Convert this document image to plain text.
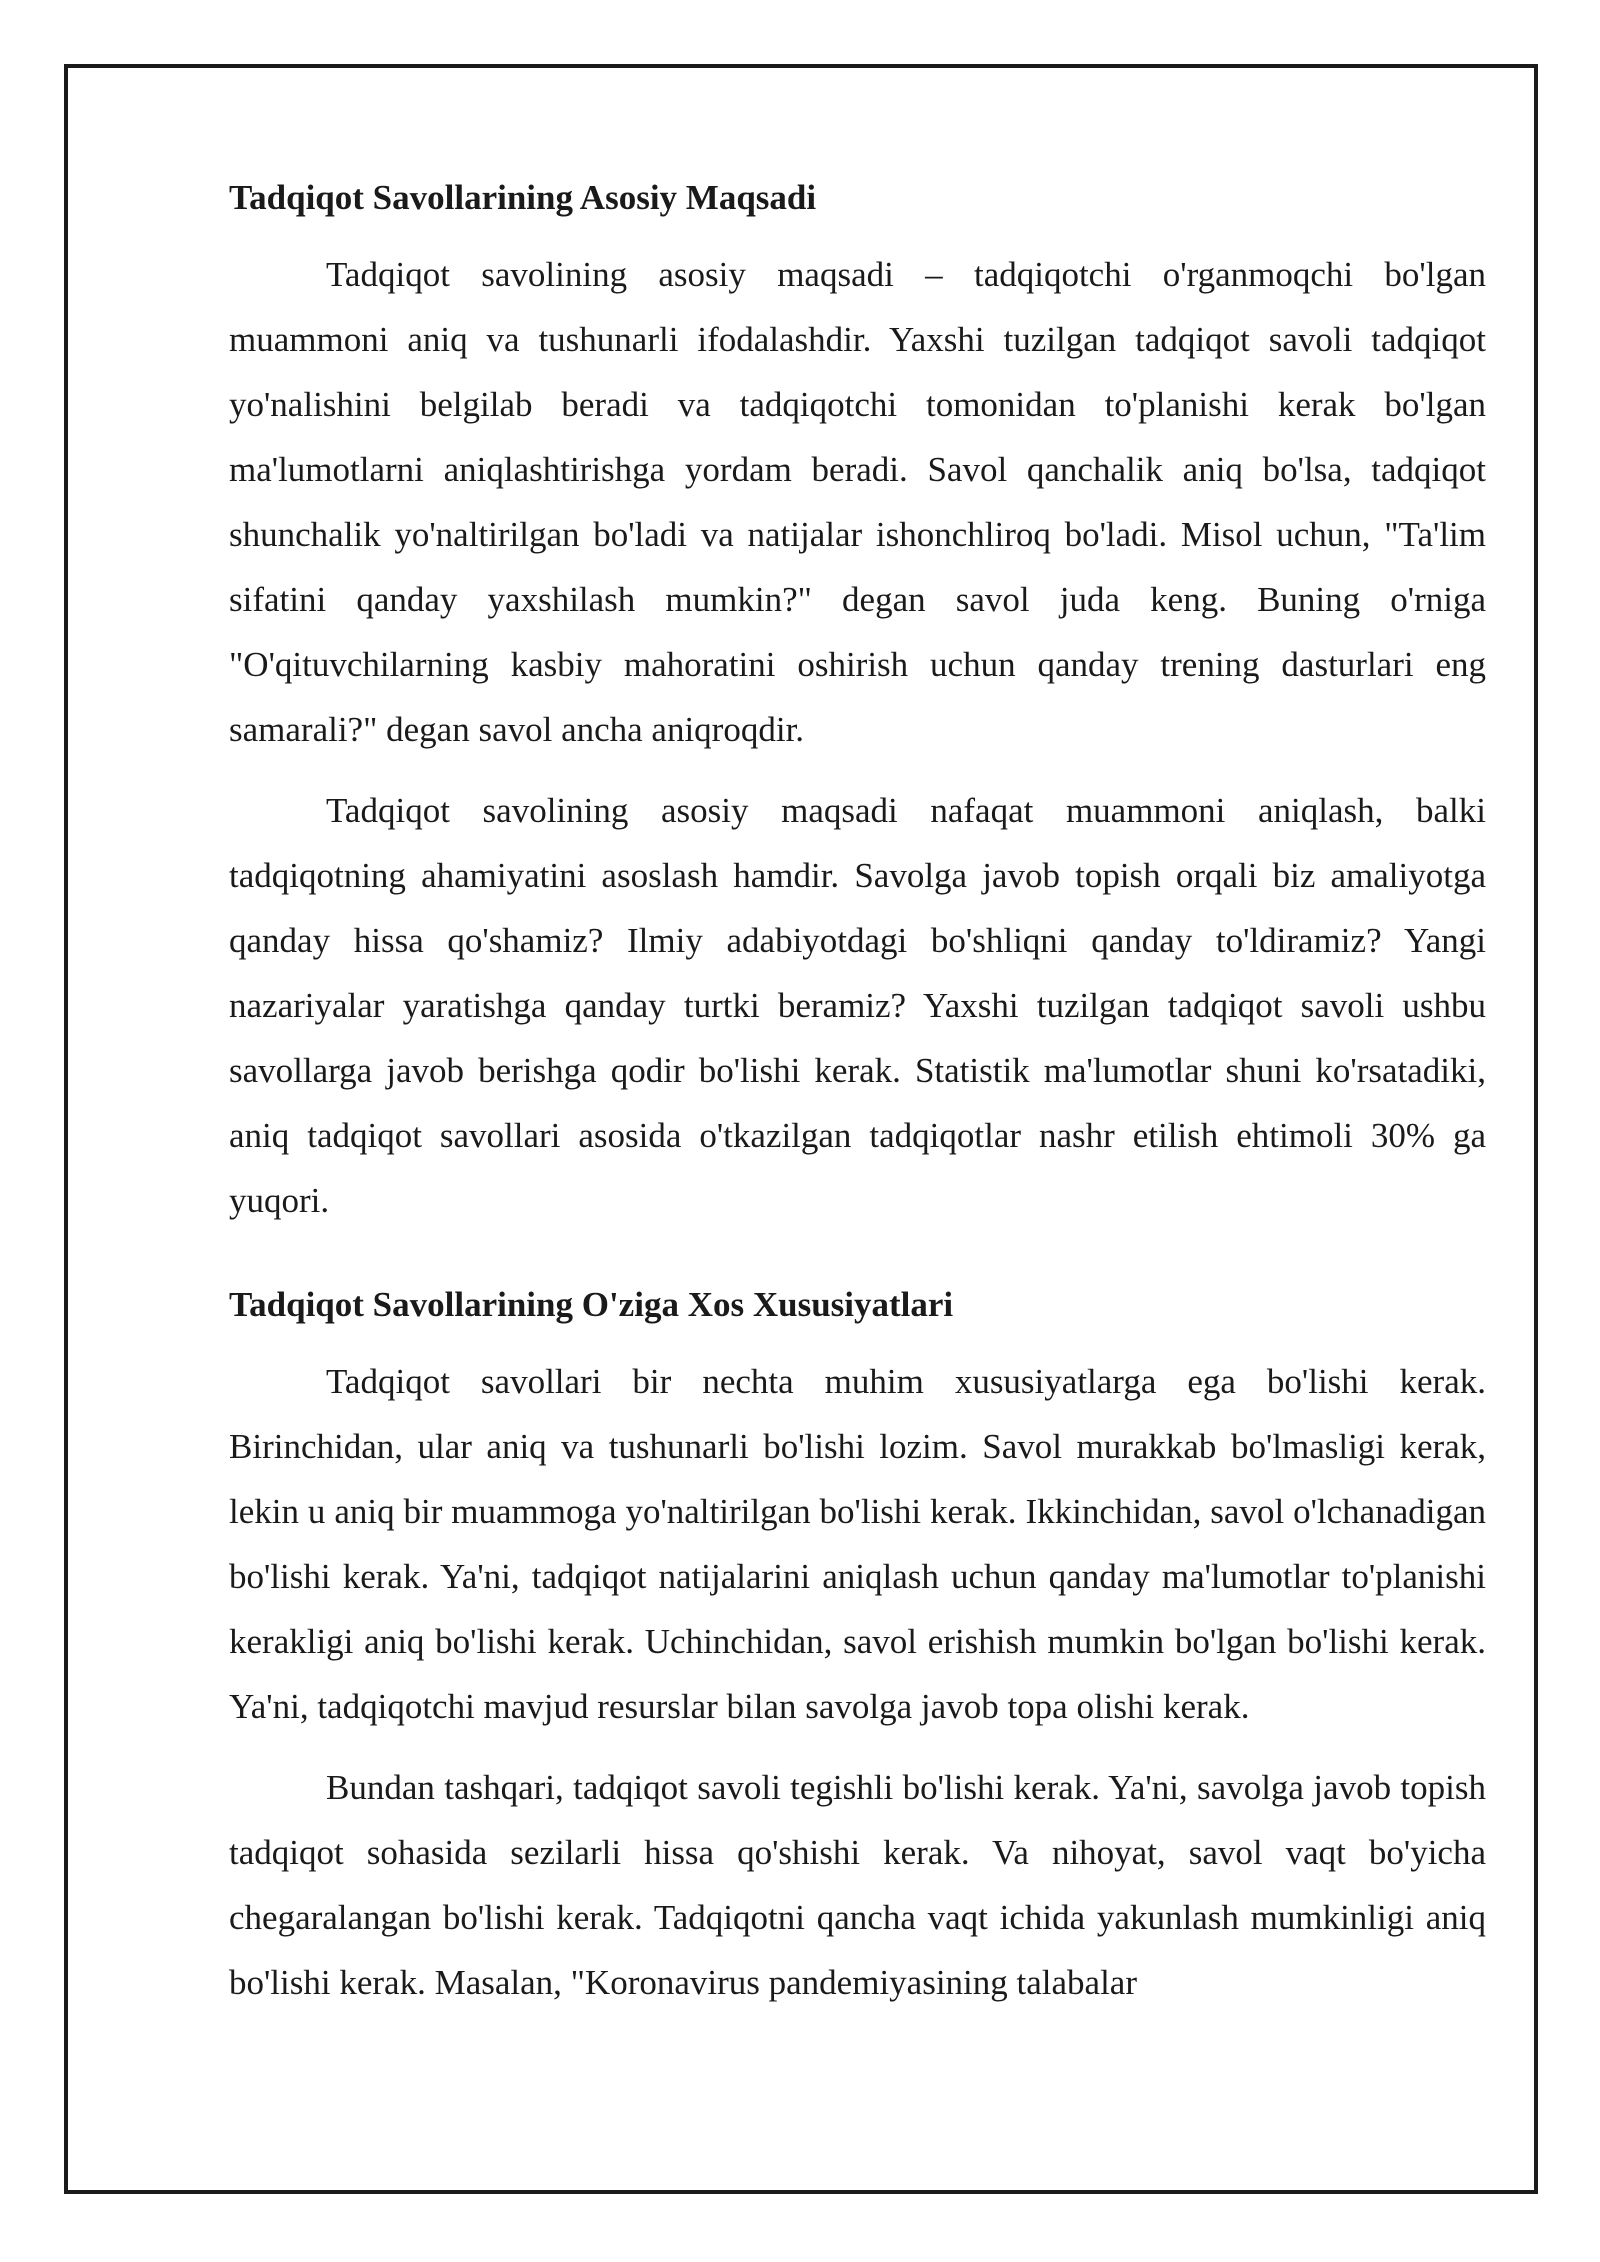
Tadqiqot Savollarining Asosiy Maqsadi

Tadqiqot savolining asosiy maqsadi – tadqiqotchi o'rganmoqchi bo'lgan muammoni aniq va tushunarli ifodalashdir. Yaxshi tuzilgan tadqiqot savoli tadqiqot yo'nalishini belgilab beradi va tadqiqotchi tomonidan to'planishi kerak bo'lgan ma'lumotlarni aniqlashtirishga yordam beradi. Savol qanchalik aniq bo'lsa, tadqiqot shunchalik yo'naltirilgan bo'ladi va natijalar ishonchliroq bo'ladi. Misol uchun, "Ta'lim sifatini qanday yaxshilash mumkin?" degan savol juda keng. Buning o'rniga "O'qituvchilarning kasbiy mahoratini oshirish uchun qanday trening dasturlari eng samarali?" degan savol ancha aniqroqdir.

Tadqiqot savolining asosiy maqsadi nafaqat muammoni aniqlash, balki tadqiqotning ahamiyatini asoslash hamdir. Savolga javob topish orqali biz amaliyotga qanday hissa qo'shamiz? Ilmiy adabiyotdagi bo'shliqni qanday to'ldiramiz? Yangi nazariyalar yaratishga qanday turtki beramiz? Yaxshi tuzilgan tadqiqot savoli ushbu savollarga javob berishga qodir bo'lishi kerak. Statistik ma'lumotlar shuni ko'rsatadiki, aniq tadqiqot savollari asosida o'tkazilgan tadqiqotlar nashr etilish ehtimoli 30% ga yuqori.

Tadqiqot Savollarining O'ziga Xos Xususiyatlari

Tadqiqot savollari bir nechta muhim xususiyatlarga ega bo'lishi kerak. Birinchidan, ular aniq va tushunarli bo'lishi lozim. Savol murakkab bo'lmasligi kerak, lekin u aniq bir muammoga yo'naltirilgan bo'lishi kerak. Ikkinchidan, savol o'lchanadigan bo'lishi kerak. Ya'ni, tadqiqot natijalarini aniqlash uchun qanday ma'lumotlar to'planishi kerakligi aniq bo'lishi kerak. Uchinchidan, savol erishish mumkin bo'lgan bo'lishi kerak. Ya'ni, tadqiqotchi mavjud resurslar bilan savolga javob topa olishi kerak.

Bundan tashqari, tadqiqot savoli tegishli bo'lishi kerak. Ya'ni, savolga javob topish tadqiqot sohasida sezilarli hissa qo'shishi kerak. Va nihoyat, savol vaqt bo'yicha chegaralangan bo'lishi kerak. Tadqiqotni qancha vaqt ichida yakunlash mumkinligi aniq bo'lishi kerak. Masalan, "Koronavirus pandemiyasining talabalar
